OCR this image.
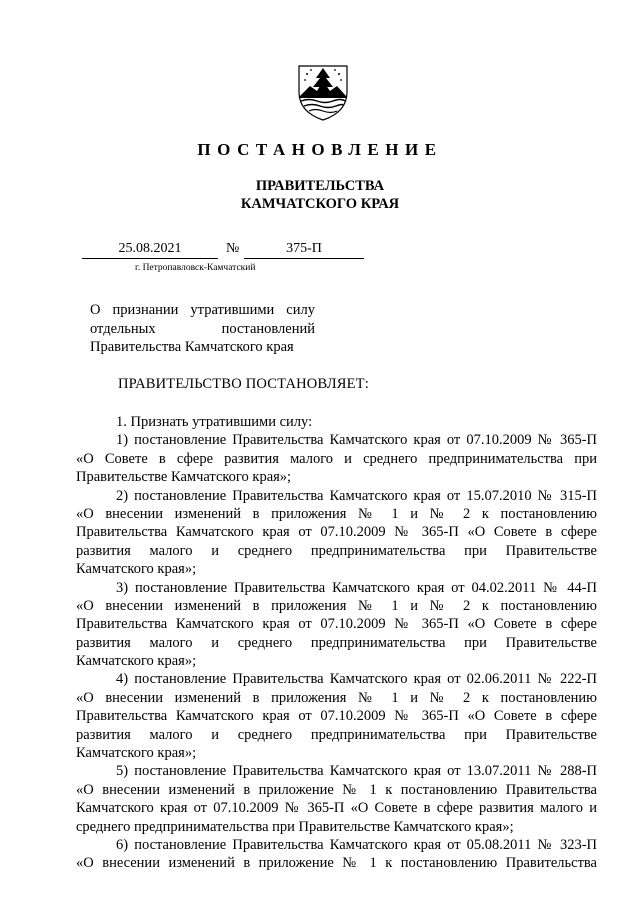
ПОСТАНОВЛЕНИЕ
ПРАВИТЕЛЬСТВА
КАМЧАТСКОГО КРАЯ
25.08.2021	№	375-П
г. Петропавловск-Камчатский
О признании утратившими силу
отдельных постановлений
Правительства Камчатского края
ПРАВИТЕЛЬСТВО ПОСТАНОВЛЯЕТ:
1. Признать утратившими силу:
1) постановление Правительства Камчатского края от 07.10.2009 № 365-П
«О Совете в сфере развития малого и среднего предпринимательства при
Правительстве Камчатского края»;
2) постановление Правительства Камчатского края от 15.07.2010 № 315-П
«О внесении изменений в приложения № 1 и № 2 к постановлению
Правительства Камчатского края от 07.10.2009 № 365-П «О Совете в сфере
развития малого и среднего предпринимательства при Правительстве
Камчатского края»;
3) постановление Правительства Камчатского края от 04.02.2011 № 44-П
«О внесении изменений в приложения № 1 и № 2 к постановлению
Правительства Камчатского края от 07.10.2009 № 365-П «О Совете в сфере
развития малого и среднего предпринимательства при Правительстве
Камчатского края»;
4) постановление Правительства Камчатского края от 02.06.2011 № 222-П
«О внесении изменений в приложения № 1 и № 2 к постановлению
Правительства Камчатского края от 07.10.2009 № 365-П «О Совете в сфере
развития малого и среднего предпринимательства при Правительстве
Камчатского края»;
5) постановление Правительства Камчатского края от 13.07.2011 № 288-П
«О внесении изменений в приложение № 1 к постановлению Правительства
Камчатского края от 07.10.2009 № 365-П «О Совете в сфере развития малого и
среднего предпринимательства при Правительстве Камчатского края»;
6) постановление Правительства Камчатского края от 05.08.2011 № 323-П
«О внесении изменений в приложение № 1 к постановлению Правительства
